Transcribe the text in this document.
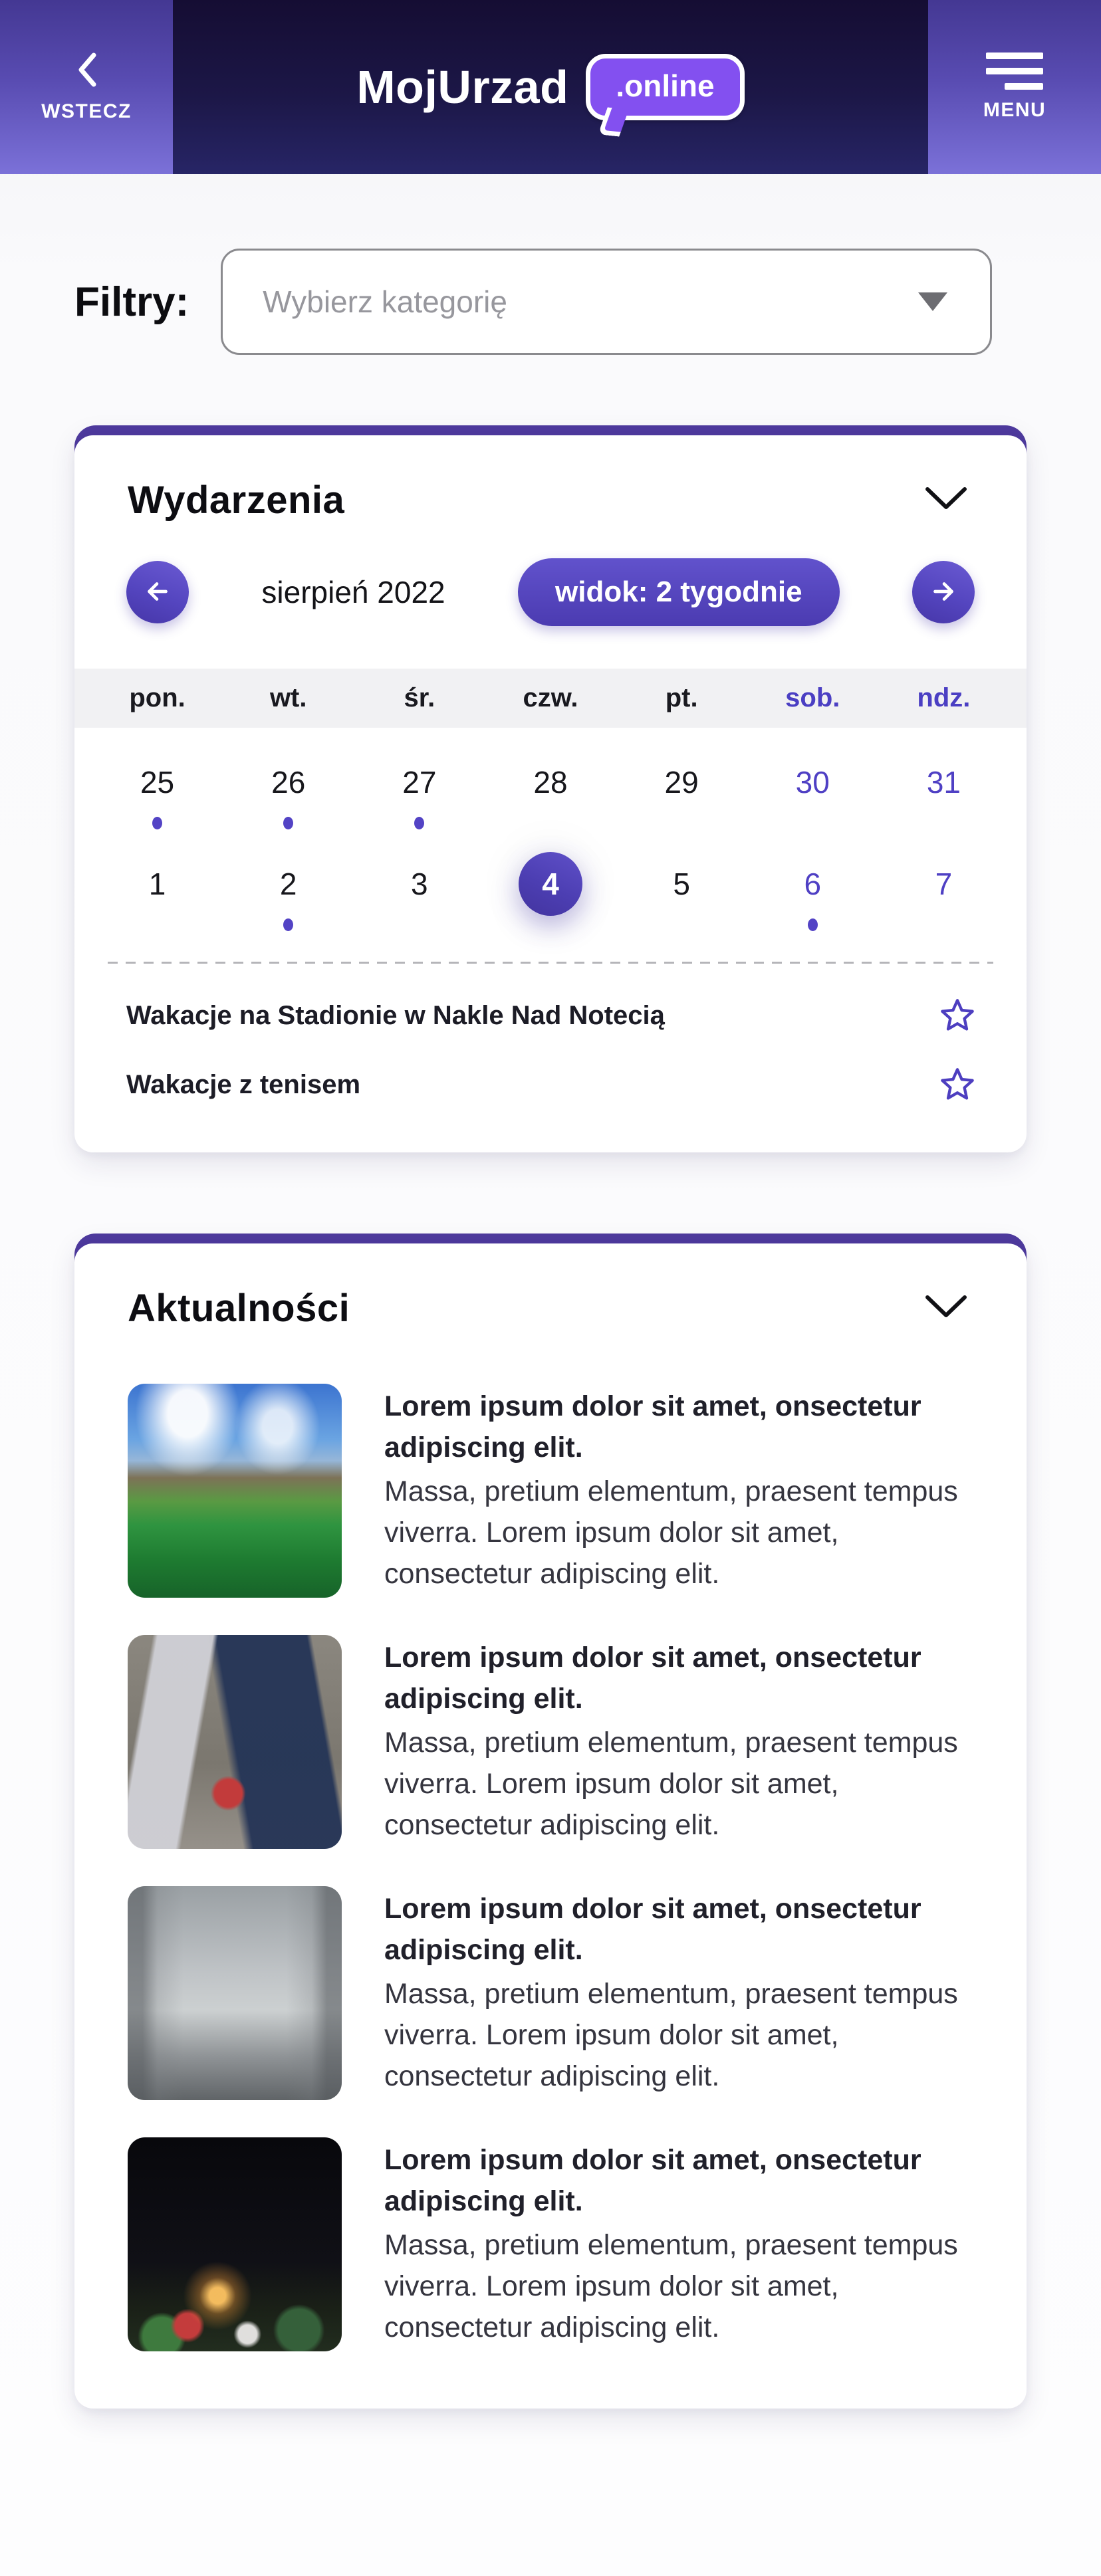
WSTECZ	MojUrzad	.online
MENU
Filtry: Wybierz kategorię
Wydarzenia
sierpień 2022	widok: 2 tygodnie
pon.	wt.	śr.	czw.	pt.	sob.	ndz.
25	26	27	28	29	30	31
1	2	3	4	5	6	7
Wakacje na Stadionie w Nakle Nad Notecią
Wakacje z tenisem
Aktualności
Lorem ipsum dolor sit amet, onsectetur adipiscing elit.
Massa, pretium elementum, praesent tempus viverra. Lorem ipsum dolor sit amet, consectetur adipiscing elit.
Lorem ipsum dolor sit amet, onsectetur adipiscing elit.
Massa, pretium elementum, praesent tempus viverra. Lorem ipsum dolor sit amet, consectetur adipiscing elit.
Lorem ipsum dolor sit amet, onsectetur adipiscing elit.
Massa, pretium elementum, praesent tempus viverra. Lorem ipsum dolor sit amet, consectetur adipiscing elit.
Lorem ipsum dolor sit amet, onsectetur adipiscing elit.
Massa, pretium elementum, praesent tempus viverra. Lorem ipsum dolor sit amet, consectetur adipiscing elit.
